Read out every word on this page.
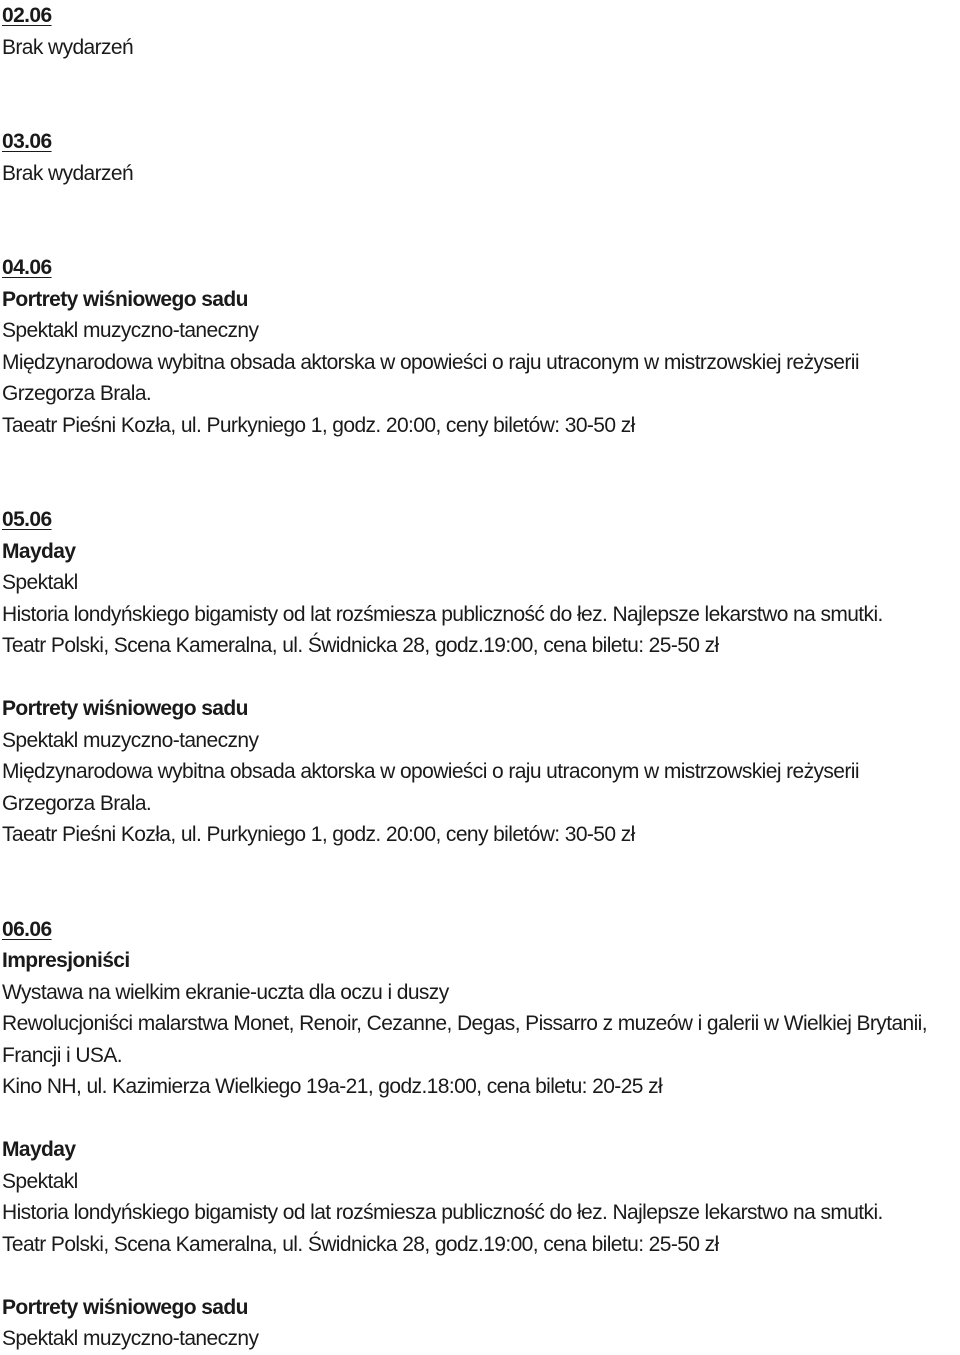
02.06
Brak wydarzeń
03.06
Brak wydarzeń
04.06
Portrety wiśniowego sadu
Spektakl muzyczno-taneczny
Międzynarodowa wybitna obsada aktorska w opowieści o raju utraconym w mistrzowskiej reżyserii Grzegorza Brala.
Taeatr Pieśni Kozła, ul. Purkyniego 1, godz. 20:00, ceny biletów: 30-50 zł
05.06
Mayday
Spektakl
Historia londyńskiego bigamisty od lat rozśmiesza publiczność do łez. Najlepsze lekarstwo na smutki.
Teatr Polski, Scena Kameralna, ul. Świdnicka 28, godz.19:00, cena biletu: 25-50 zł
Portrety wiśniowego sadu
Spektakl muzyczno-taneczny
Międzynarodowa wybitna obsada aktorska w opowieści o raju utraconym w mistrzowskiej reżyserii Grzegorza Brala.
Taeatr Pieśni Kozła, ul. Purkyniego 1, godz. 20:00, ceny biletów: 30-50 zł
06.06
Impresjoniści
Wystawa na wielkim ekranie-uczta dla oczu i duszy
Rewolucjoniści malarstwa Monet, Renoir, Cezanne, Degas, Pissarro z muzeów i galerii w Wielkiej Brytanii, Francji i USA.
Kino NH, ul. Kazimierza Wielkiego 19a-21, godz.18:00, cena biletu: 20-25 zł
Mayday
Spektakl
Historia londyńskiego bigamisty od lat rozśmiesza publiczność do łez. Najlepsze lekarstwo na smutki.
Teatr Polski, Scena Kameralna, ul. Świdnicka 28, godz.19:00, cena biletu: 25-50 zł
Portrety wiśniowego sadu
Spektakl muzyczno-taneczny
